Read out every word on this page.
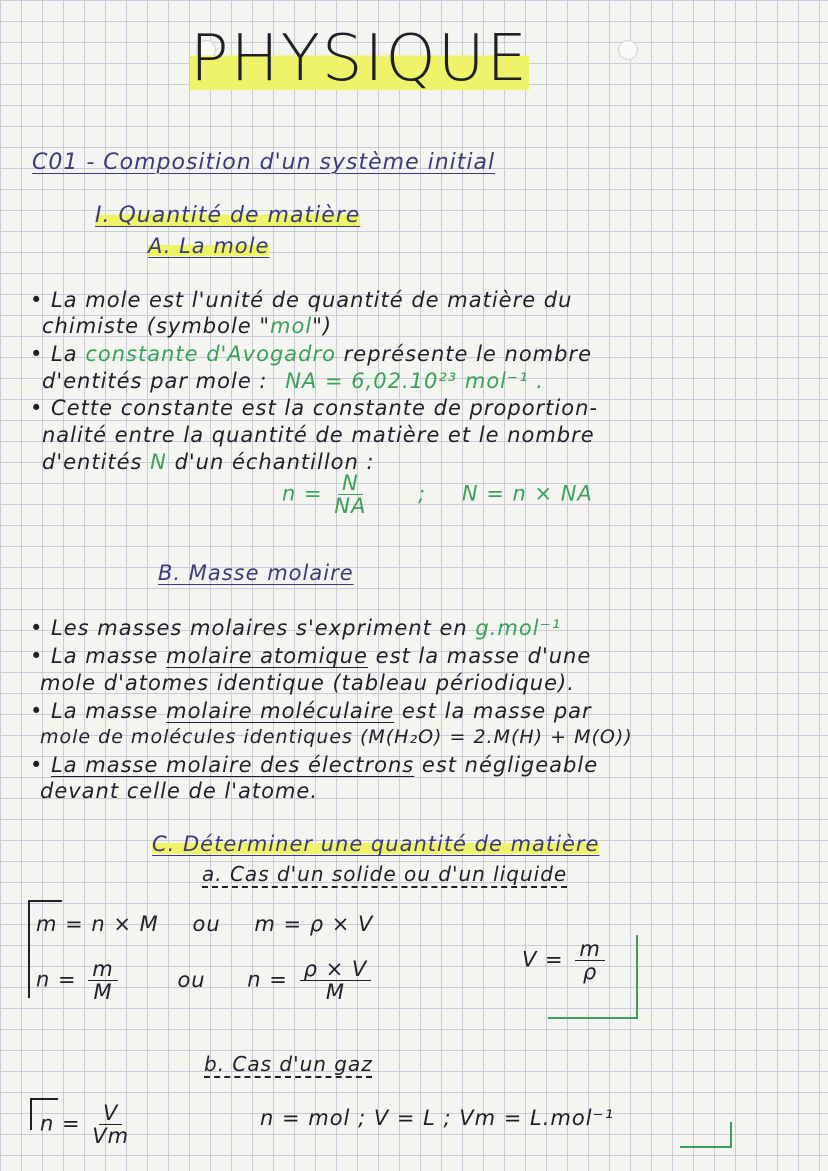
PHYSIQUE
C01 - Composition d'un système initial
I. Quantité de matière
A. La mole
• La mole est l'unité de quantité de matière du
chimiste (symbole "mol")
• La constante d'Avogadro représente le nombre
d'entités par mole : NA = 6,02.10²³ mol⁻¹ .
• Cette constante est la constante de proportion-
nalité entre la quantité de matière et le nombre
d'entités N d'un échantillon :
$n = \frac{N}{NA}$ ; N = n × NA
B. Masse molaire
• Les masses molaires s'expriment en g.mol⁻¹
• La masse molaire atomique est la masse d'une
mole d'atomes identique (tableau périodique).
• La masse molaire moléculaire est la masse par
mole de molécules identiques (M(H₂O) = 2.M(H) + M(O))
• La masse molaire des électrons est négligeable
devant celle de l'atome.
C. Déterminer une quantité de matière
a. Cas d'un solide ou d'un liquide
m = n × M ou m = ρ × V
$n = \frac{m}{M}$	ou $n = \frac{\rho \times V}{M}$	$V = \frac{m}{\rho}$
b. Cas d'un gaz
$n = \frac{V}{Vm}$	n = mol ; V = L ; Vm = L.mol⁻¹
